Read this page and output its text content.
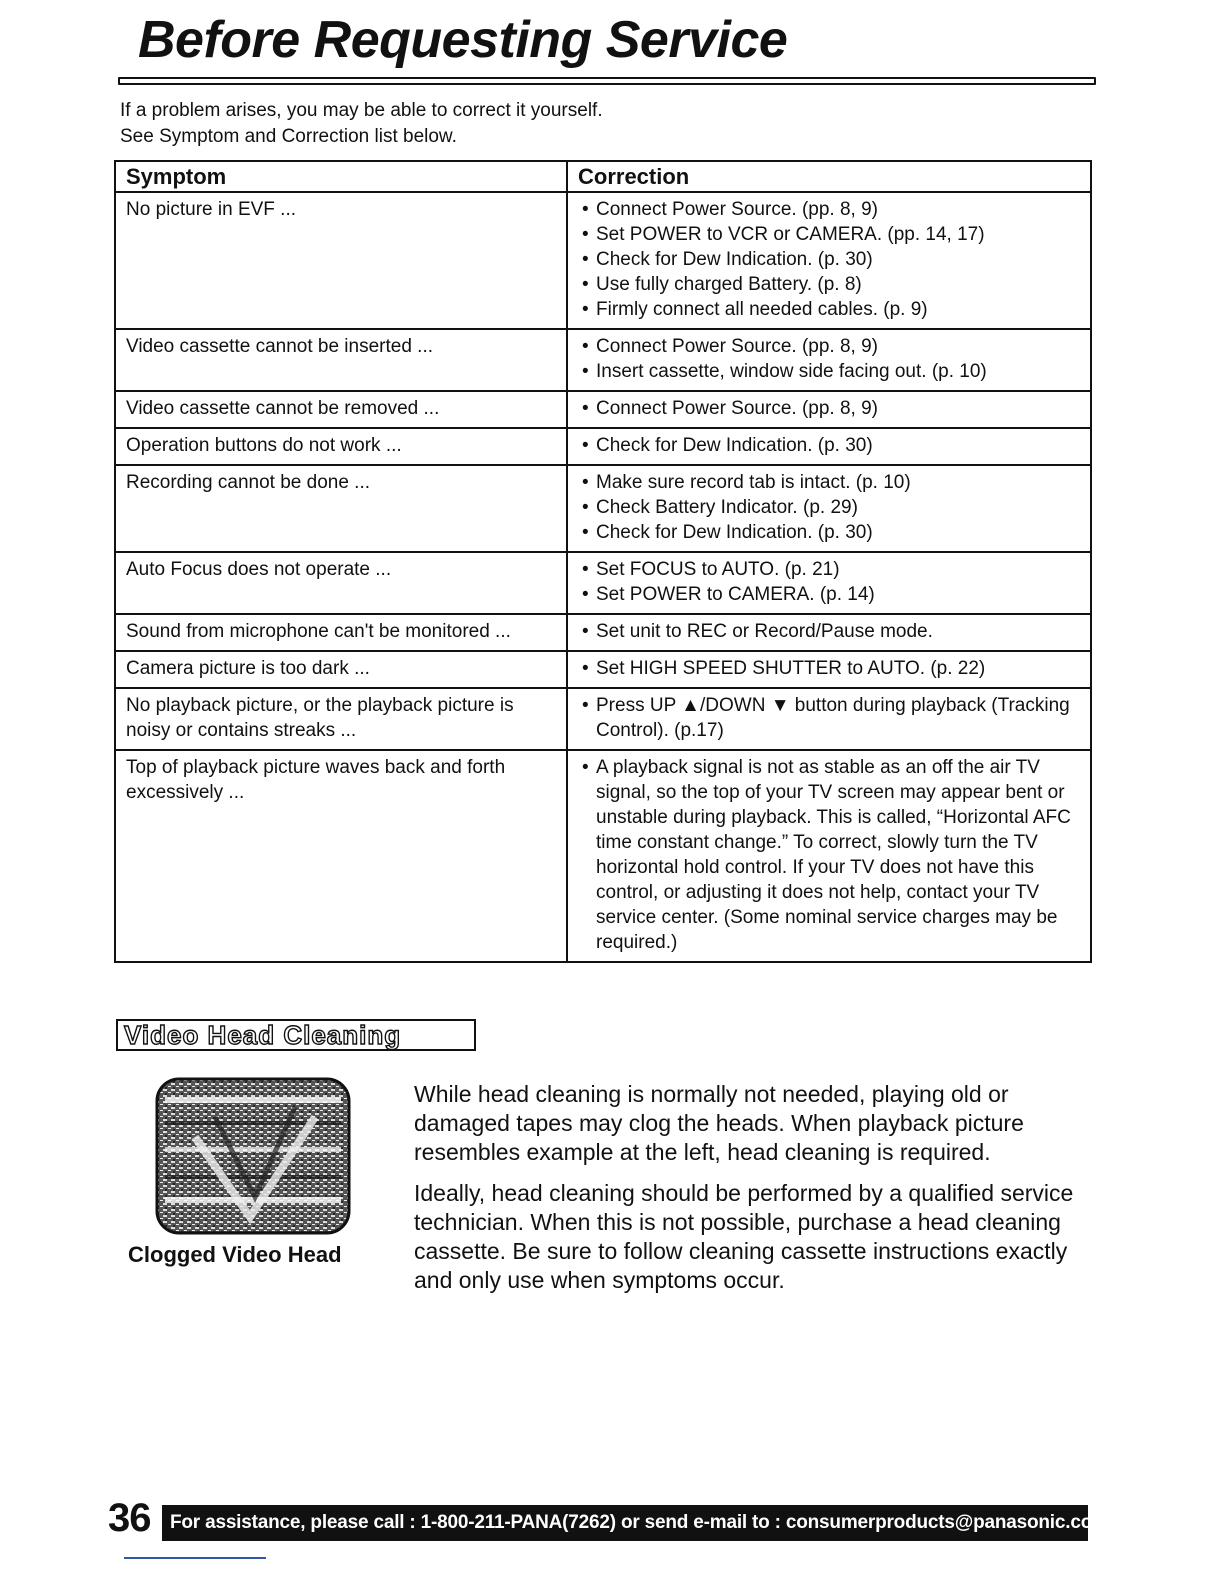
Before Requesting Service
If a problem arises, you may be able to correct it yourself.
See Symptom and Correction list below.
Symptom	Correction
No picture in EVF ...	• Connect Power Source. (pp. 8, 9)
• Set POWER to VCR or CAMERA. (pp. 14, 17)
• Check for Dew Indication. (p. 30)
• Use fully charged Battery. (p. 8)
• Firmly connect all needed cables. (p. 9)

Video cassette cannot be inserted ...	• Connect Power Source. (pp. 8, 9)
• Insert cassette, window side facing out. (p. 10)

Video cassette cannot be removed ...	• Connect Power Source. (pp. 8, 9)

Operation buttons do not work ...	• Check for Dew Indication. (p. 30)

Recording cannot be done ...	• Make sure record tab is intact. (p. 10)
• Check Battery Indicator. (p. 29)
• Check for Dew Indication. (p. 30)

Auto Focus does not operate ...	• Set FOCUS to AUTO. (p. 21)
• Set POWER to CAMERA. (p. 14)

Sound from microphone can't be monitored ...	• Set unit to REC or Record/Pause mode.

Camera picture is too dark ...	• Set HIGH SPEED SHUTTER to AUTO. (p. 22)

No playback picture, or the playback picture is noisy or contains streaks ...	• Press UP ▲/DOWN ▼ button during playback (Tracking Control). (p.17)

Top of playback picture waves back and forth excessively ...	• A playback signal is not as stable as an off the air TV signal, so the top of your TV screen may appear bent or unstable during playback. This is called, “Horizontal AFC time constant change.” To correct, slowly turn the TV horizontal hold control. If your TV does not have this control, or adjusting it does not help, contact your TV service center. (Some nominal service charges may be required.)
Video Head Cleaning
Clogged Video Head

While head cleaning is normally not needed, playing old or damaged tapes may clog the heads. When playback picture resembles example at the left, head cleaning is required.

Ideally, head cleaning should be performed by a qualified service technician. When this is not possible, purchase a head cleaning cassette. Be sure to follow cleaning cassette instructions exactly and only use when symptoms occur.

36 For assistance, please call : 1-800-211-PANA(7262) or send e-mail to : consumerproducts@panasonic.com
